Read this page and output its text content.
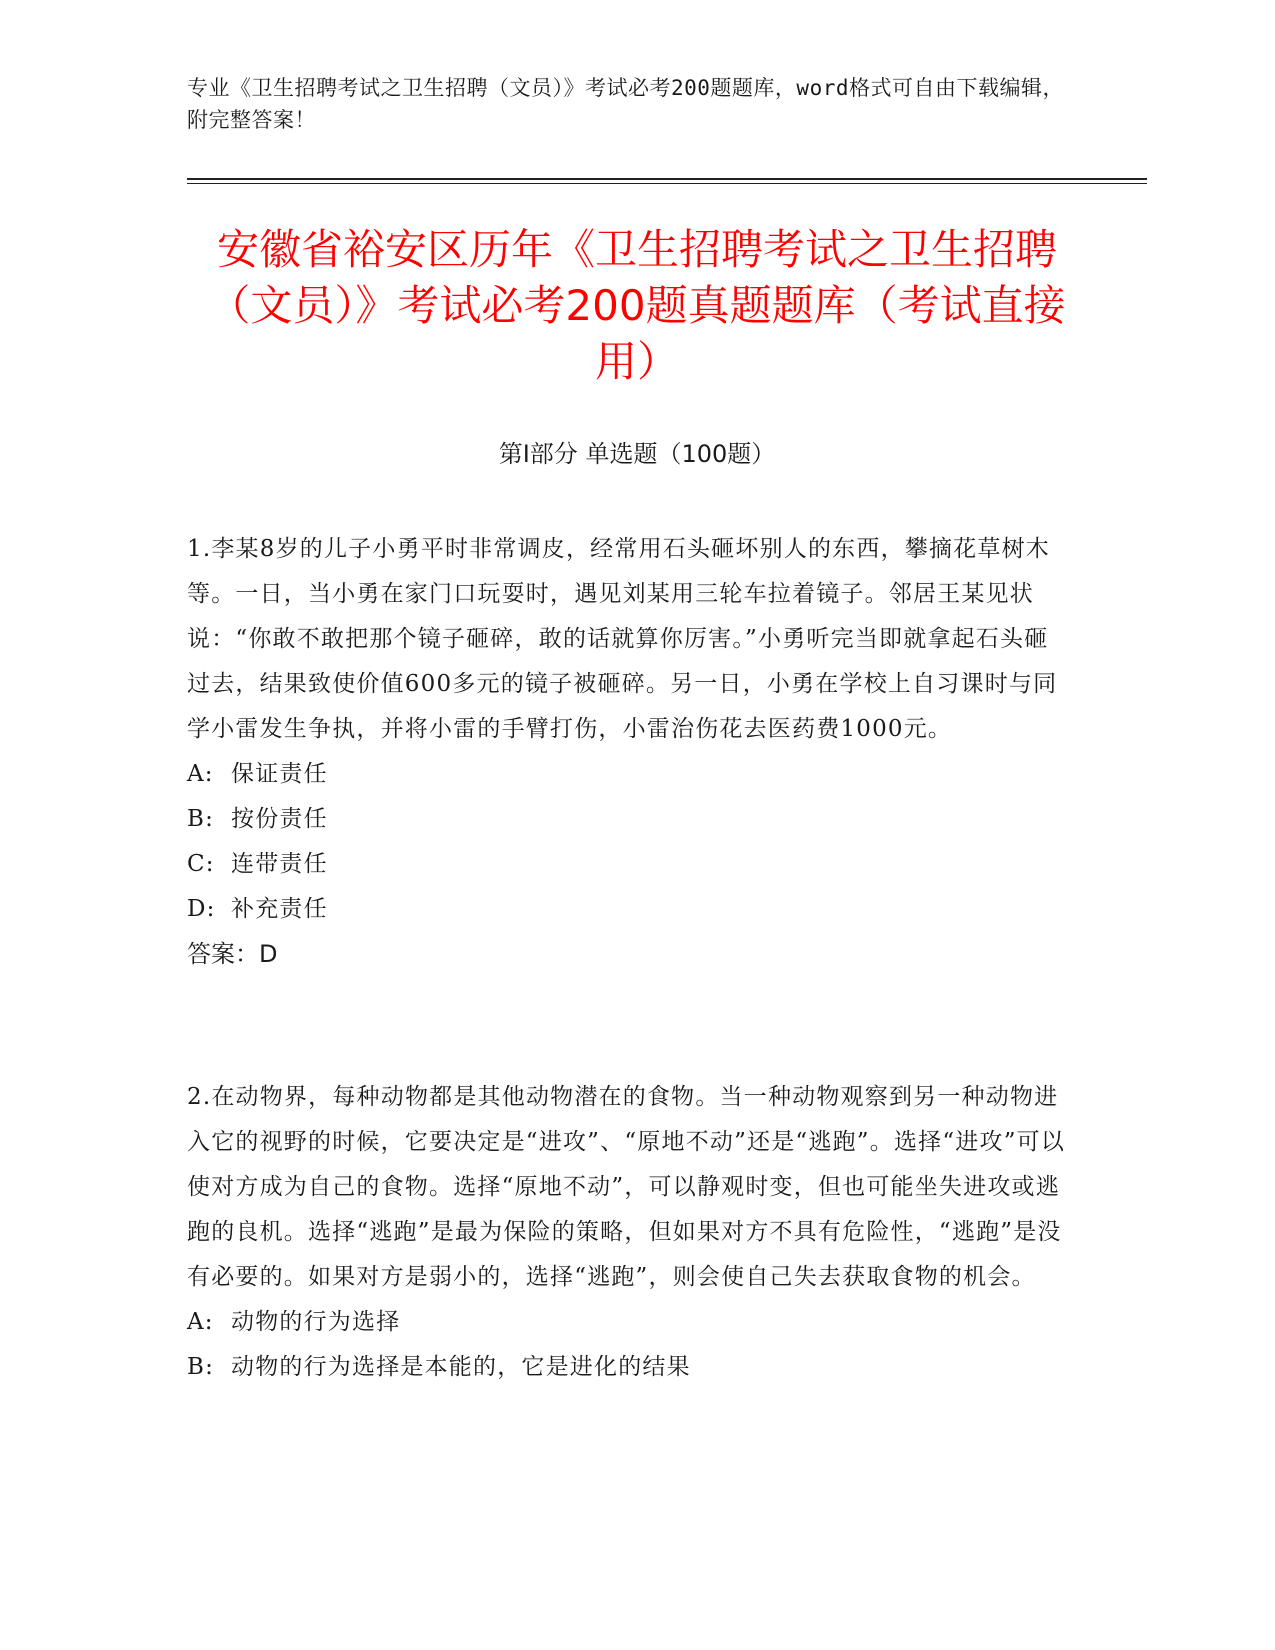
专业《卫生招聘考试之卫生招聘（文员）》考试必考200题题库，word格式可自由下载编辑，附完整答案！
安徽省裕安区历年《卫生招聘考试之卫生招聘（文员）》考试必考200题真题题库（考试直接用）
第Ⅰ部分 单选题（100题）

1.李某8岁的儿子小勇平时非常调皮，经常用石头砸坏别人的东西，攀摘花草树木等。一日，当小勇在家门口玩耍时，遇见刘某用三轮车拉着镜子。邻居王某见状说：“你敢不敢把那个镜子砸碎，敢的话就算你厉害。”小勇听完当即就拿起石头砸过去，结果致使价值600多元的镜子被砸碎。另一日，小勇在学校上自习课时与同学小雷发生争执，并将小雷的手臂打伤，小雷治伤花去医药费1000元。

A: 保证责任

B: 按份责任

C: 连带责任

D: 补充责任

答案：D

2.在动物界，每种动物都是其他动物潜在的食物。当一种动物观察到另一种动物进入它的视野的时候，它要决定是“进攻”、“原地不动”还是“逃跑”。选择“进攻”可以使对方成为自己的食物。选择“原地不动”，可以静观时变，但也可能坐失进攻或逃跑的良机。选择“逃跑”是最为保险的策略，但如果对方不具有危险性，“逃跑”是没有必要的。如果对方是弱小的，选择“逃跑”，则会使自己失去获取食物的机会。

A: 动物的行为选择

B: 动物的行为选择是本能的，它是进化的结果
